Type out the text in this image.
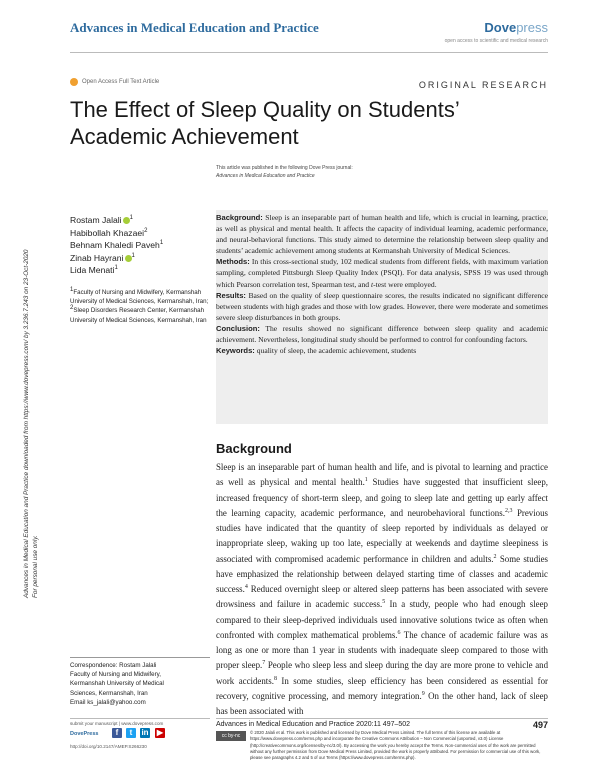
Advances in Medical Education and Practice	Dovepress
open access to scientific and medical research
Open Access Full Text Article	ORIGINAL RESEARCH
The Effect of Sleep Quality on Students’ Academic Achievement
This article was published in the following Dove Press journal:
Advances in Medical Education and Practice
Advances in Medical Education and Practice downloaded from https://www.dovepress.com/ by 3.236.7.243 on 23-Oct-2020 For personal use only.
Rostam Jalali $^1$
Habibollah Khazaei$^2$
Behnam Khaledi Paveh$^1$
Zinab Hayrani $^1$
Lida Menati$^1$
$^1$Faculty of Nursing and Midwifery, Kermanshah University of Medical Sciences, Kermanshah, Iran; $^2$Sleep Disorders Research Center, Kermanshah University of Medical Sciences, Kermanshah, Iran

Background: Sleep is an inseparable part of human health and life, which is crucial in learning, practice, as well as physical and mental health. It affects the capacity of individual learning, academic performance, and neural-behavioral functions. This study aimed to determine the relationship between sleep quality and students’ academic achievement among students at Kermanshah University of Medical Sciences.

Methods: In this cross-sectional study, 102 medical students from different fields, with maximum variation sampling, completed Pittsburgh Sleep Quality Index (PSQI). For data analysis, SPSS 19 was used through which Pearson correlation test, Spearman test, and t-test were employed.

Results: Based on the quality of sleep questionnaire scores, the results indicated no significant difference between students with high grades and those with low grades. However, there were moderate and sometimes severe sleep disturbances in both groups.

Conclusion: The results showed no significant difference between sleep quality and academic achievement. Nevertheless, longitudinal study should be performed to control for confounding factors.

Keywords: quality of sleep, the academic achievement, students

Background
Sleep is an inseparable part of human health and life, and is pivotal to learning and practice as well as physical and mental health.$^1$ Studies have suggested that insufficient sleep, increased frequency of short-term sleep, and going to sleep late and getting up early affect the learning capacity, academic performance, and neurobehavioral functions.$^{2,3}$ Previous studies have indicated that the quantity of sleep reported by individuals as delayed or inappropriate sleep, waking up too late, especially at weekends and daytime sleepiness is associated with compromised academic performance in children and adults.$^2$ Some studies have emphasized the relationship between delayed starting time of classes and academic success.$^4$ Reduced overnight sleep or altered sleep patterns has been associated with severe drowsiness and failure in academic success.$^5$ In a study, people who had enough sleep compared to their sleep-deprived individuals used innovative solutions twice as often when confronted with complex mathematical problems.$^6$ The chance of academic failure was as long as one or more than 1 year in students with inadequate sleep compared to those with proper sleep.$^7$ People who sleep less and sleep during the day are more prone to vehicle and work accidents.$^8$ In some studies, sleep efficiency has been considered as essential for recovery, cognitive processing, and memory integration.$^9$ On the other hand, lack of sleep has been associated with
Correspondence: Rostam Jalali
Faculty of Nursing and Midwifery,
Kermanshah University of Medical
Sciences, Kermanshah, Iran
Email ks_jalali@yahoo.com
submit your manuscript | www.dovepress.com
DovePress	f	t	in ▶
http://doi.org/10.2147/AMEP.S266230
Advances in Medical Education and Practice 2020:11 497–502	497
cc by-nc
© 2020 Jalali et al. This work is published and licensed by Dove Medical Press Limited. The full terms of this license are available at https://www.dovepress.com/terms.php and incorporate the Creative Commons Attribution – Non Commercial (unported, v3.0) License (http://creativecommons.org/licenses/by-nc/3.0/). By accessing the work you hereby accept the Terms. Non-commercial uses of the work are permitted without any further permission from Dove Medical Press Limited, provided the work is properly attributed. For permission for commercial use of this work, please see paragraphs 4.2 and 5 of our Terms (https://www.dovepress.com/terms.php).
